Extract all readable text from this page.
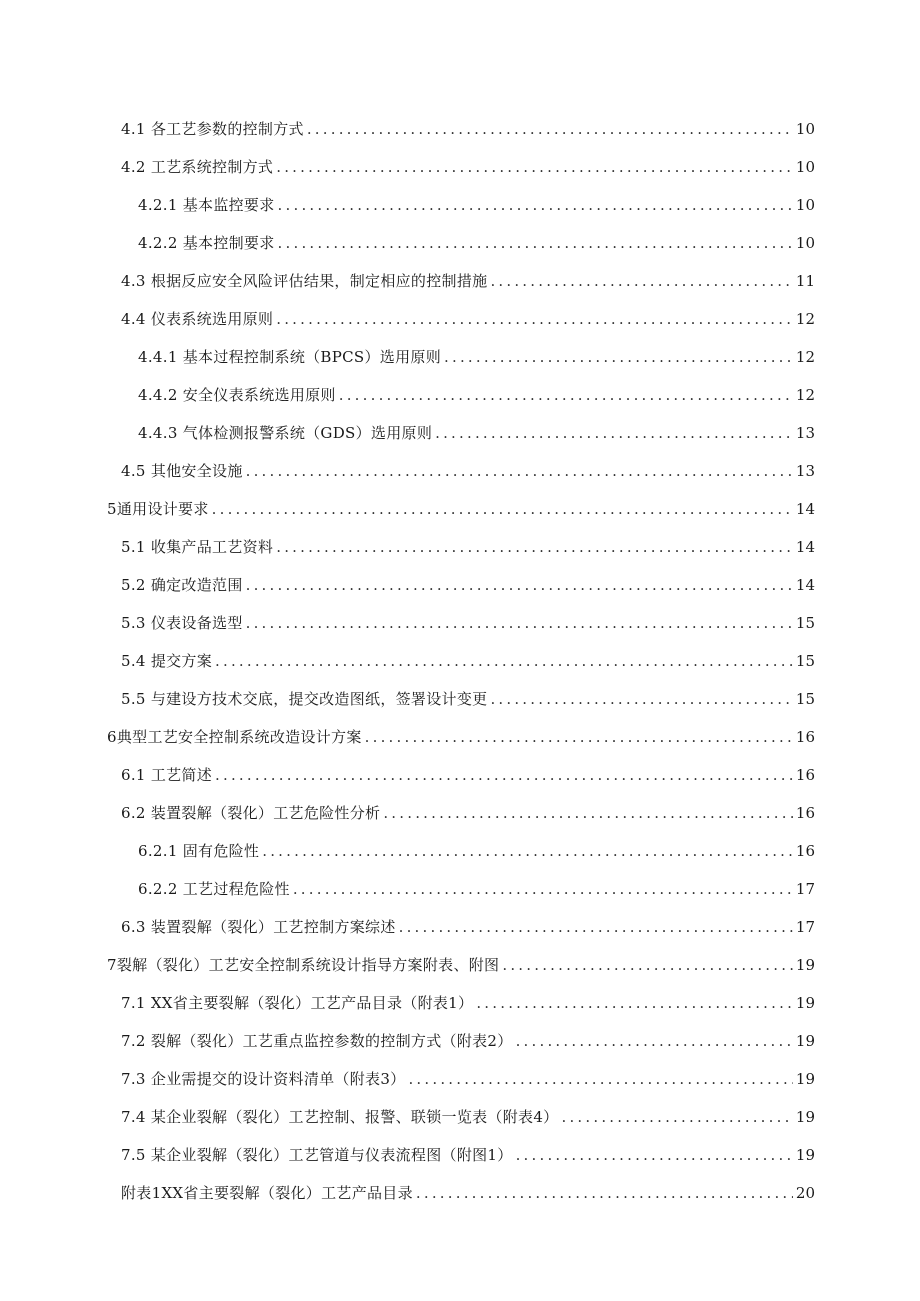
4.1 各工艺参数的控制方式 .....	10
4.2 工艺系统控制方式 .....	10
4.2.1 基本监控要求 .....	10
4.2.2 基本控制要求 .....	10
4.3 根据反应安全风险评估结果，制定相应的控制措施 .....	11
4.4 仪表系统选用原则 .....	12
4.4.1 基本过程控制系统（BPCS）选用原则 .....	12
4.4.2 安全仪表系统选用原则 .....	12
4.4.3 气体检测报警系统（GDS）选用原则 .....	13
4.5 其他安全设施 .....	13
5通用设计要求 .....	14
5.1 收集产品工艺资料 .....	14
5.2 确定改造范围 .....	14
5.3 仪表设备选型 .....	15
5.4 提交方案 .....	15
5.5 与建设方技术交底，提交改造图纸，签署设计变更 .....	15
6典型工艺安全控制系统改造设计方案 .....	16
6.1 工艺简述 .....	16
6.2 装置裂解（裂化）工艺危险性分析 .....	16
6.2.1 固有危险性 .....	16
6.2.2 工艺过程危险性 .....	17
6.3 装置裂解（裂化）工艺控制方案综述 .....	17
7裂解（裂化）工艺安全控制系统设计指导方案附表、附图 .....	19
7.1 XX省主要裂解（裂化）工艺产品目录（附表1） .....	19
7.2 裂解（裂化）工艺重点监控参数的控制方式（附表2） .....	19
7.3 企业需提交的设计资料清单（附表3） .....	19
7.4 某企业裂解（裂化）工艺控制、报警、联锁一览表（附表4） .....	19
7.5 某企业裂解（裂化）工艺管道与仪表流程图（附图1） .....	19
附表1XX省主要裂解（裂化）工艺产品目录 .....	20
